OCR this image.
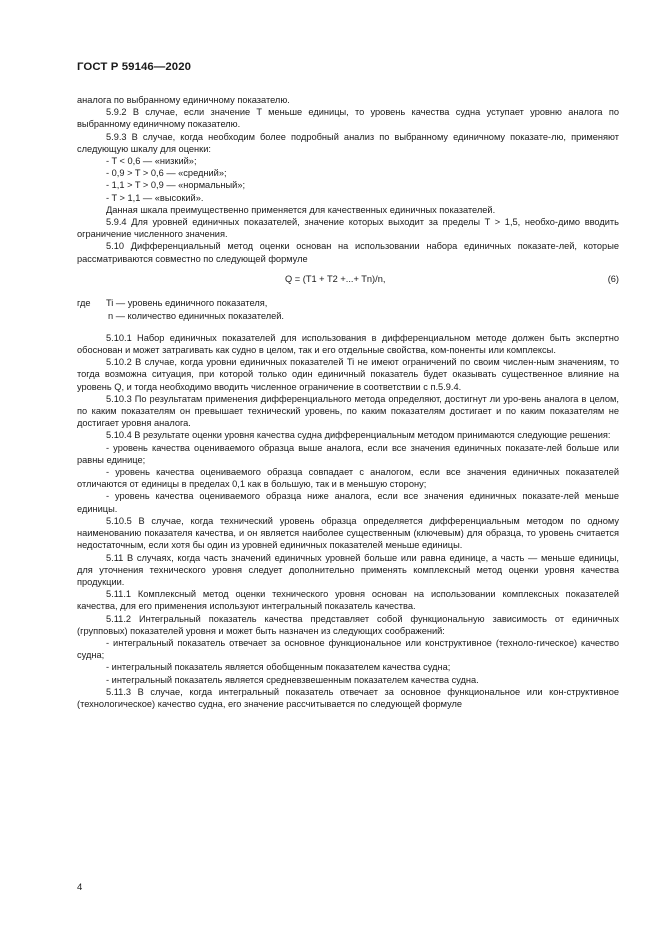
ГОСТ Р 59146—2020

аналога по выбранному единичному показателю.

5.9.2 В случае, если значение T меньше единицы, то уровень качества судна уступает уровню аналога по выбранному единичному показателю.

5.9.3 В случае, когда необходим более подробный анализ по выбранному единичному показате-лю, применяют следующую шкалу для оценки:

- T < 0,6 — «низкий»;

- 0,9 > T > 0,6 — «средний»;

- 1,1 > T > 0,9 — «нормальный»;

- T > 1,1 — «высокий».

Данная шкала преимущественно применяется для качественных единичных показателей.

5.9.4 Для уровней единичных показателей, значение которых выходит за пределы T > 1,5, необхо-димо вводить ограничение численного значения.

5.10 Дифференциальный метод оценки основан на использовании набора единичных показате-лей, которые рассматриваются совместно по следующей формуле

Q = (T1 + T2 +...+ Tn)/n,	(6)
где Ti — уровень единичного показателя,
n — количество единичных показателей.

5.10.1 Набор единичных показателей для использования в дифференциальном методе должен быть экспертно обоснован и может затрагивать как судно в целом, так и его отдельные свойства, ком-поненты или комплексы.

5.10.2 В случае, когда уровни единичных показателей Ti не имеют ограничений по своим числен-ным значениям, то тогда возможна ситуация, при которой только один единичный показатель будет оказывать существенное влияние на уровень Q, и тогда необходимо вводить численное ограничение в соответствии с п.5.9.4.

5.10.3 По результатам применения дифференциального метода определяют, достигнут ли уро-вень аналога в целом, по каким показателям он превышает технический уровень, по каким показателям достигает и по каким показателям не достигает уровня аналога.

5.10.4 В результате оценки уровня качества судна дифференциальным методом принимаются следующие решения:

- уровень качества оцениваемого образца выше аналога, если все значения единичных показате-лей больше или равны единице;

- уровень качества оцениваемого образца совпадает с аналогом, если все значения единичных показателей отличаются от единицы в пределах 0,1 как в большую, так и в меньшую сторону;

- уровень качества оцениваемого образца ниже аналога, если все значения единичных показате-лей меньше единицы.

5.10.5 В случае, когда технический уровень образца определяется дифференциальным методом по одному наименованию показателя качества, и он является наиболее существенным (ключевым) для образца, то уровень считается недостаточным, если хотя бы один из уровней единичных показателей меньше единицы.

5.11 В случаях, когда часть значений единичных уровней больше или равна единице, а часть — меньше единицы, для уточнения технического уровня следует дополнительно применять комплексный метод оценки уровня качества продукции.

5.11.1 Комплексный метод оценки технического уровня основан на использовании комплексных показателей качества, для его применения используют интегральный показатель качества.

5.11.2 Интегральный показатель качества представляет собой функциональную зависимость от единичных (групповых) показателей уровня и может быть назначен из следующих соображений:

- интегральный показатель отвечает за основное функциональное или конструктивное (техноло-гическое) качество судна;

- интегральный показатель является обобщенным показателем качества судна;

- интегральный показатель является средневзвешенным показателем качества судна.

5.11.3 В случае, когда интегральный показатель отвечает за основное функциональное или кон-структивное (технологическое) качество судна, его значение рассчитывается по следующей формуле

4
